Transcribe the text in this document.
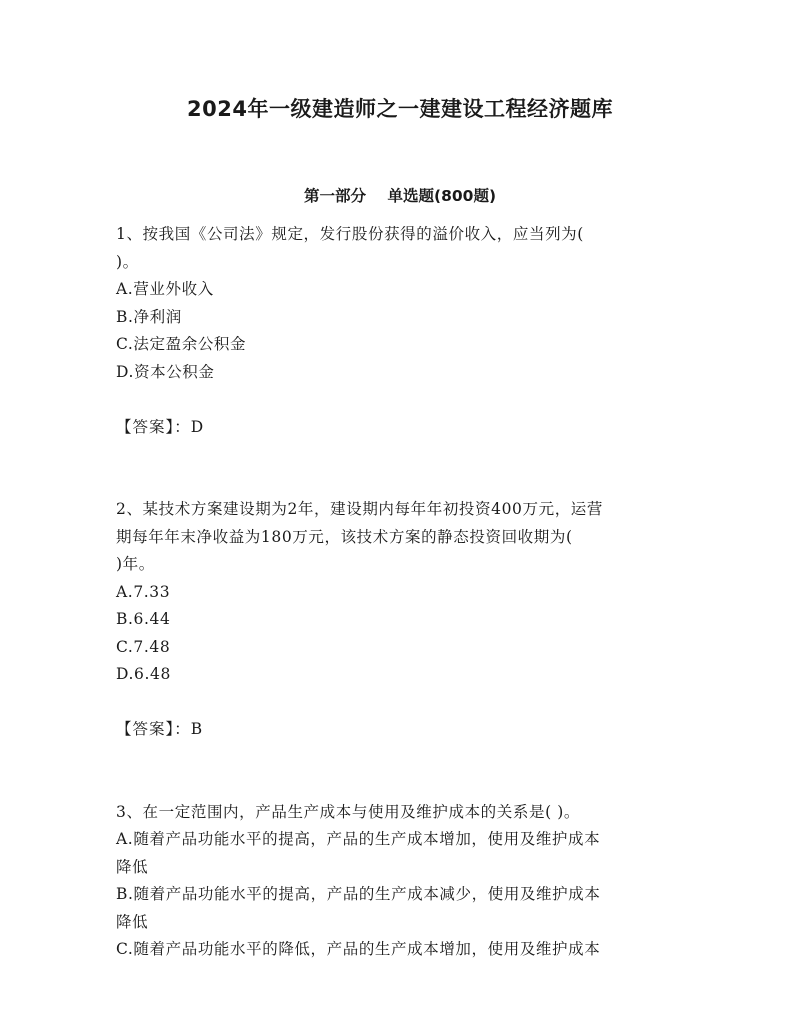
2024年一级建造师之一建建设工程经济题库
第一部分    单选题(800题)
1、按我国《公司法》规定，发行股份获得的溢价收入，应当列为(
)。
A.营业外收入
B.净利润
C.法定盈余公积金
D.资本公积金
【答案】：D
2、某技术方案建设期为2年，建设期内每年年初投资400万元，运营
期每年年末净收益为180万元，该技术方案的静态投资回收期为(
)年。
A.7.33
B.6.44
C.7.48
D.6.48
【答案】：B
3、在一定范围内，产品生产成本与使用及维护成本的关系是( )。
A.随着产品功能水平的提高，产品的生产成本增加，使用及维护成本
降低
B.随着产品功能水平的提高，产品的生产成本减少，使用及维护成本
降低
C.随着产品功能水平的降低，产品的生产成本增加，使用及维护成本
